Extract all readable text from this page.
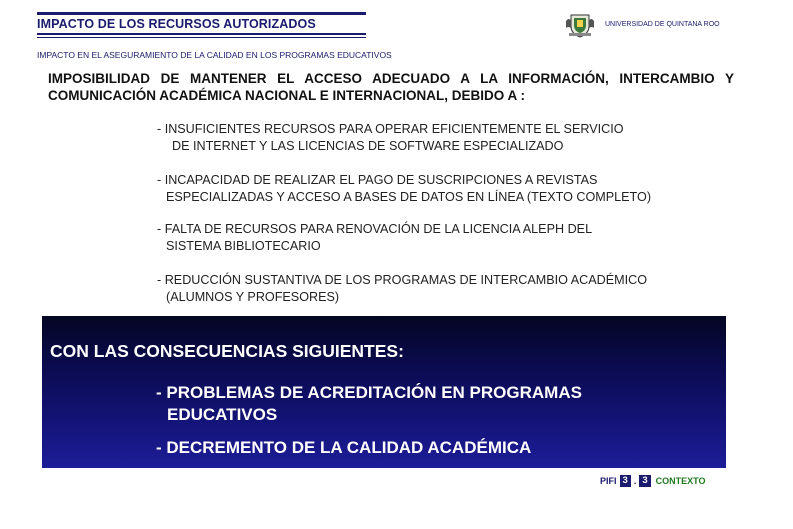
IMPACTO DE LOS RECURSOS AUTORIZADOS
IMPACTO EN EL ASEGURAMIENTO DE LA CALIDAD EN LOS PROGRAMAS EDUCATIVOS
UNIVERSIDAD DE QUINTANA ROO
IMPOSIBILIDAD DE MANTENER EL ACCESO ADECUADO A LA INFORMACIÓN, INTERCAMBIO Y COMUNICACIÓN ACADÉMICA NACIONAL E INTERNACIONAL, DEBIDO A :
- INSUFICIENTES RECURSOS PARA OPERAR EFICIENTEMENTE EL SERVICIO
DE INTERNET Y LAS LICENCIAS DE SOFTWARE ESPECIALIZADO
- INCAPACIDAD DE REALIZAR EL PAGO DE SUSCRIPCIONES A REVISTAS
ESPECIALIZADAS Y ACCESO A BASES DE DATOS EN LÍNEA (TEXTO COMPLETO)
- FALTA DE RECURSOS PARA RENOVACIÓN DE LA LICENCIA ALEPH DEL
SISTEMA BIBLIOTECARIO
- REDUCCIÓN SUSTANTIVA DE LOS PROGRAMAS DE INTERCAMBIO ACADÉMICO
(ALUMNOS Y PROFESORES)
CON LAS CONSECUENCIAS SIGUIENTES:
- PROBLEMAS DE ACREDITACIÓN EN PROGRAMAS
EDUCATIVOS
- DECREMENTO DE LA CALIDAD ACADÉMICA
PIFI 3 . 3 CONTEXTO
